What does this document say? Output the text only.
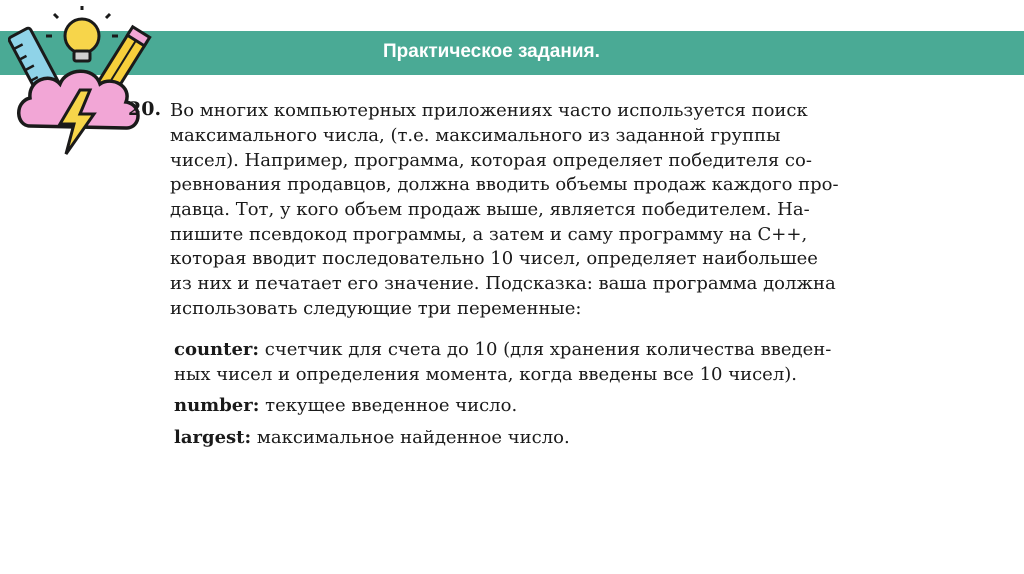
Практическое задания.
20. Во многих компьютерных приложениях часто используется поиск
максимального числа, (т.е. максимального из заданной группы
чисел). Например, программа, которая определяет победителя со-
ревнования продавцов, должна вводить объемы продаж каждого про-
давца. Тот, у кого объем продаж выше, является победителем. На-
пишите псевдокод программы, а затем и саму программу на C++,
которая вводит последовательно 10 чисел, определяет наибольшее
из них и печатает его значение. Подсказка: ваша программа должна
использовать следующие три переменные:
counter: счетчик для счета до 10 (для хранения количества введен-
ных чисел и определения момента, когда введены все 10 чисел).
number: текущее введенное число.
largest: максимальное найденное число.
